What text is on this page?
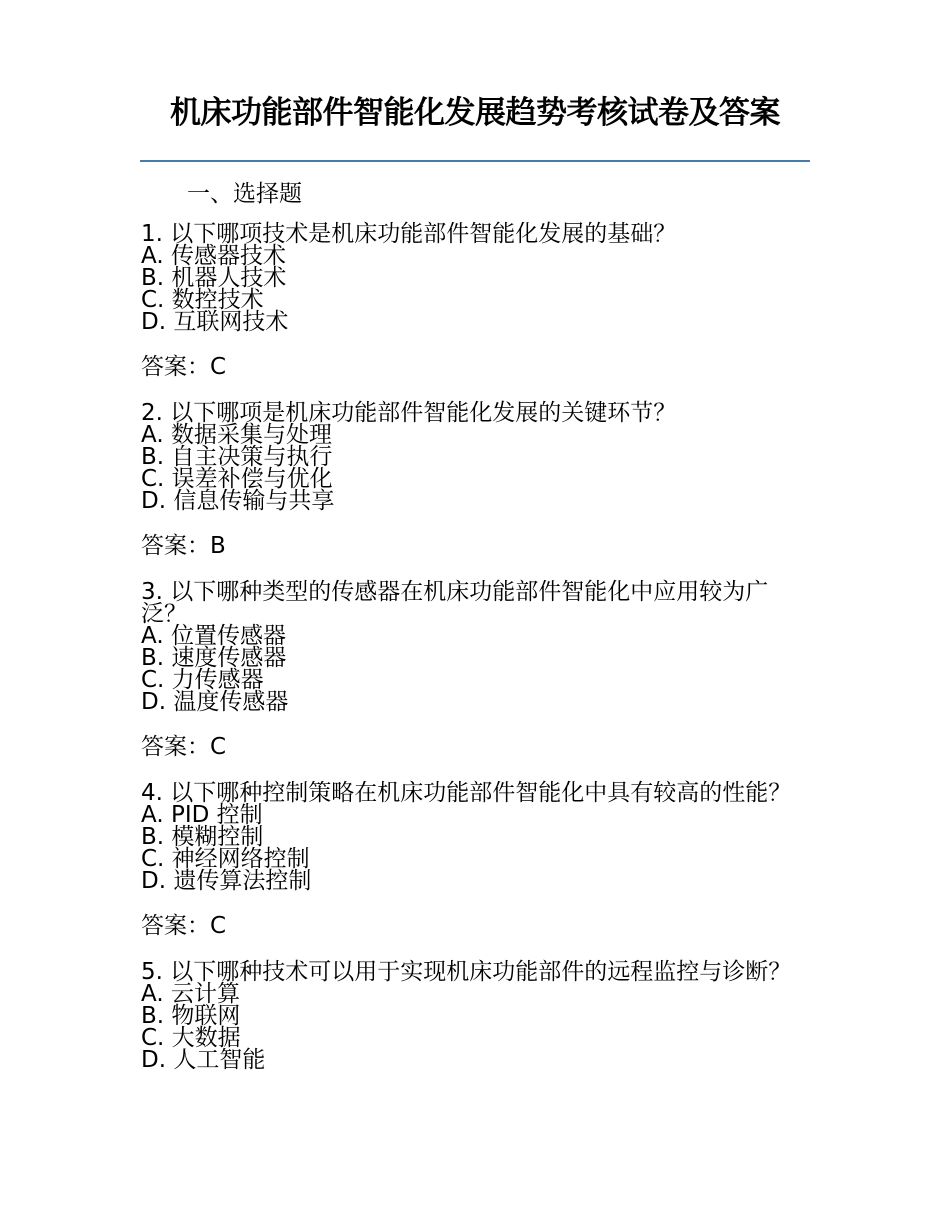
机床功能部件智能化发展趋势考核试卷及答案
一、选择题
1. 以下哪项技术是机床功能部件智能化发展的基础？
A. 传感器技术
B. 机器人技术
C. 数控技术
D. 互联网技术
答案：C
2. 以下哪项是机床功能部件智能化发展的关键环节？
A. 数据采集与处理
B. 自主决策与执行
C. 误差补偿与优化
D. 信息传输与共享
答案：B
3. 以下哪种类型的传感器在机床功能部件智能化中应用较为广泛？
A. 位置传感器
B. 速度传感器
C. 力传感器
D. 温度传感器
答案：C
4. 以下哪种控制策略在机床功能部件智能化中具有较高的性能？
A. PID 控制
B. 模糊控制
C. 神经网络控制
D. 遗传算法控制
答案：C
5. 以下哪种技术可以用于实现机床功能部件的远程监控与诊断？
A. 云计算
B. 物联网
C. 大数据
D. 人工智能
